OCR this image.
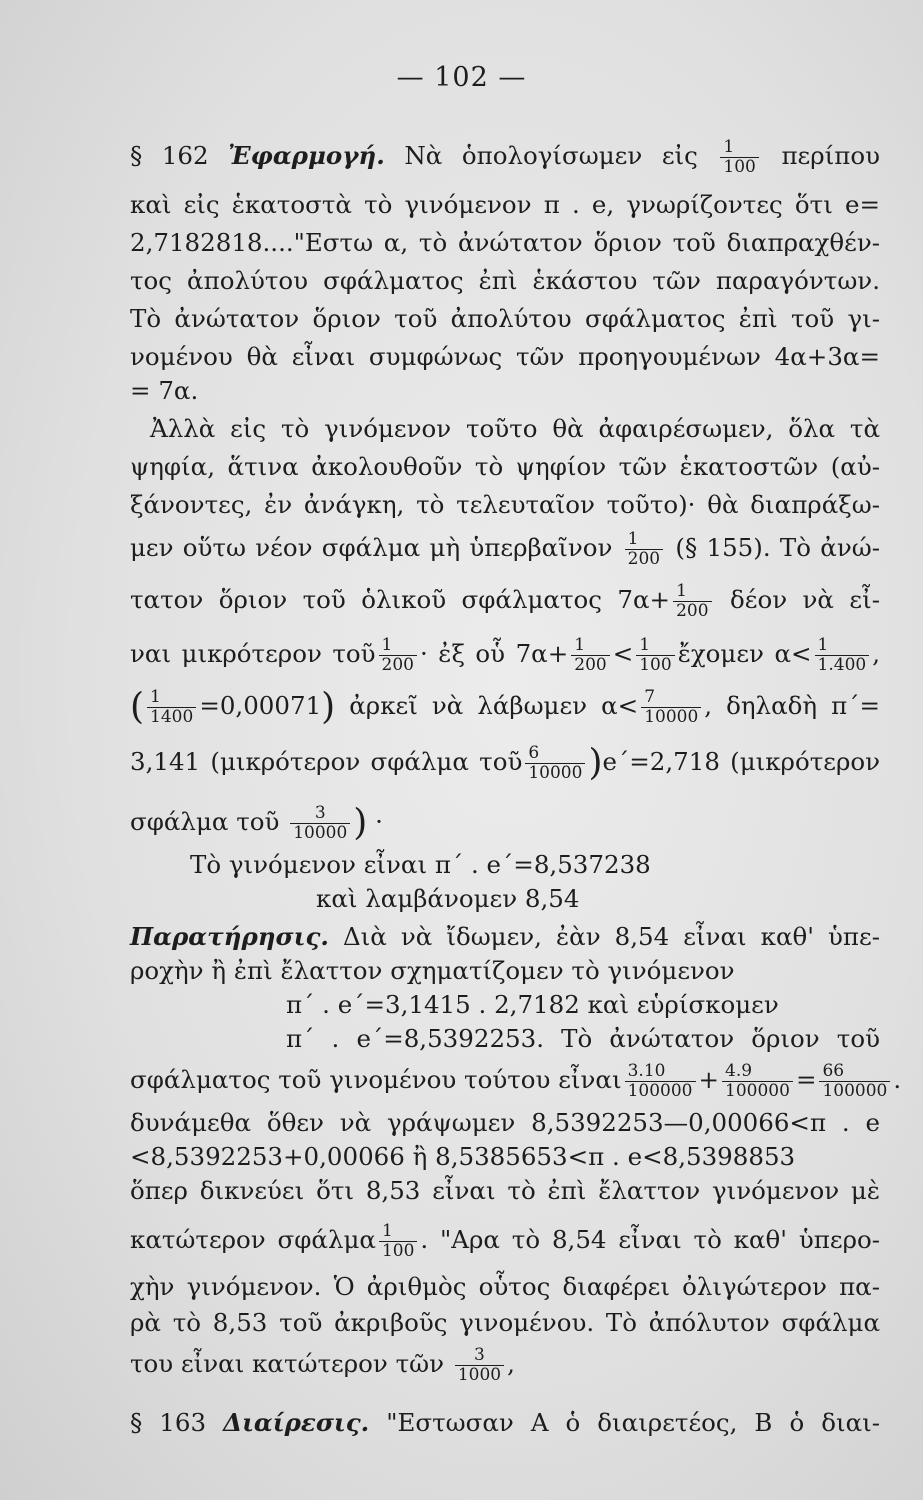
— 102 —
§ 162 Ἐφαρμογή. Νὰ ὁπολογίσωμεν εἰς $\frac{1}{100}$ περίπου
καὶ εἰς ἑκατοστὰ τὸ γινόμενον π . e, γνωρίζοντες ὅτι e=
2,7182818...."Εστω α, τὸ ἀνώτατον ὅριον τοῦ διαπραχθέν-
τος ἀπολύτου σφάλματος ἐπὶ ἑκάστου τῶν παραγόντων.
Τὸ ἀνώτατον ὅριον τοῦ ἀπολύτου σφάλματος ἐπὶ τοῦ γι-
νομένου θὰ εἶναι συμφώνως τῶν προηγουμένων 4α+3α=
= 7α.
Ἀλλὰ εἰς τὸ γινόμενον τοῦτο θὰ ἀφαιρέσωμεν, ὅλα τὰ
ψηφία, ἅτινα ἀκολουθοῦν τὸ ψηφίον τῶν ἑκατοστῶν (αὐ-
ξάνοντες, ἐν ἀνάγκη, τὸ τελευταῖον τοῦτο)· θὰ διαπράξω-
μεν οὕτω νέον σφάλμα μὴ ὑπερβαῖνον $\frac{1}{200}$ (§ 155). Τὸ ἀνώ-
τατον ὅριον τοῦ ὁλικοῦ σφάλματος $7\alpha+ \frac{1}{200}$ δέον νὰ εἶ-
ναι μικρότερον τοῦ $\frac{1}{200}$ · ἐξ οὗ $7\alpha+ \frac{1}{200} < \frac{1}{100}$ ἔχομεν $\alpha< \frac{1}{1.400}$ ,
( $\frac{1}{1400} =0,00071$) ἀρκεῖ νὰ λάβωμεν $\alpha< \frac{7}{10000}$ , δηλαδὴ π΄=
3,141 (μικρότερον σφάλμα τοῦ $\frac{6}{10000} )e΄=2,718$ (μικρότερον
σφάλμα τοῦ $\frac{3}{10000}$ ) ·
Τὸ γινόμενον εἶναι π΄ . e΄=8,537238
καὶ λαμβάνομεν 8,54
Παρατήρησις. Διὰ νὰ ἴδωμεν, ἐὰν 8,54 εἶναι καθ' ὑπε-
ροχὴν ἢ ἐπὶ ἔλαττον σχηματίζομεν τὸ γινόμενον
π΄ . e΄=3,1415 . 2,7182 καὶ εὑρίσκομεν
π΄ . e΄=8,5392253. Τὸ ἀνώτατον ὅριον τοῦ
σφάλματος τοῦ γινομένου τούτου εἶναι $\frac{3.10}{100000} + \frac{4.9}{100000} = \frac{66}{100000}$ .
δυνάμεθα ὅθεν νὰ γράψωμεν 8,5392253—0,00066<π . e
<8,5392253+0,00066 ἢ 8,5385653<π . e<8,5398853
ὅπερ δικνεύει ὅτι 8,53 εἶναι τὸ ἐπὶ ἔλαττον γινόμενον μὲ
κατώτερον σφάλμα $\frac{1}{100}$ . "Αρα τὸ 8,54 εἶναι τὸ καθ' ὑπερο-
χὴν γινόμενον. Ὁ ἀριθμὸς οὗτος διαφέρει ὀλιγώτερον πα-
ρὰ τὸ 8,53 τοῦ ἀκριβοῦς γινομένου. Τὸ ἀπόλυτον σφάλμα
του εἶναι κατώτερον τῶν $\frac{3}{1000}$ ,
§ 163 Διαίρεσις. "Εστωσαν Α ὁ διαιρετέος, Β ὁ διαι-
